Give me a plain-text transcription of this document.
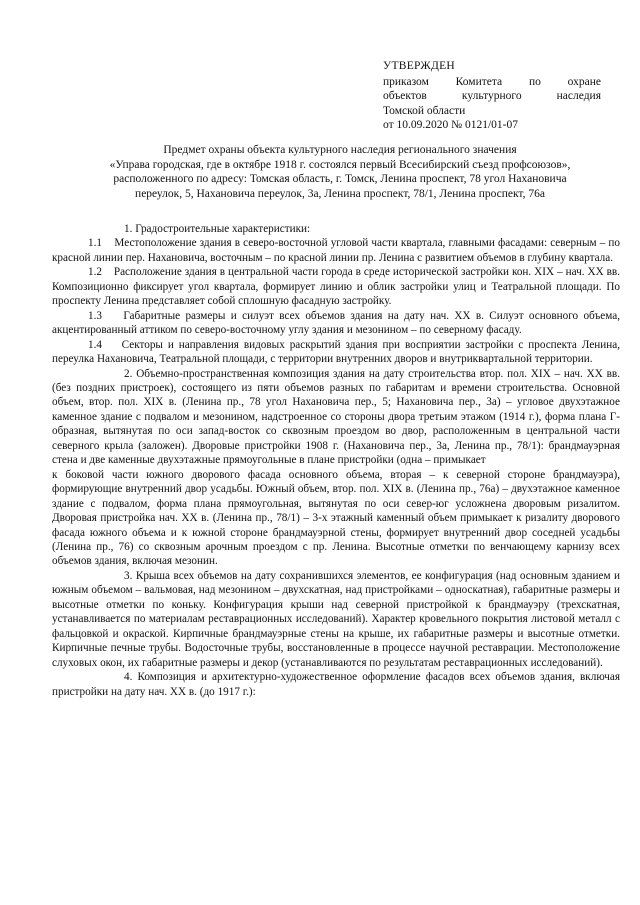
УТВЕРЖДЕН
приказом Комитета по охране
объектов культурного наследия
Томской области
от 10.09.2020 № 0121/01-07
Предмет охраны объекта культурного наследия регионального значения
«Управа городская, где в октябре 1918 г. состоялся первый Всесибирский съезд профсоюзов»,
расположенного по адресу: Томская область, г. Томск, Ленина проспект, 78 угол Нахановича
переулок, 5, Нахановича переулок, 3а, Ленина проспект, 78/1, Ленина проспект, 76а

1. Градостроительные характеристики:

1.1 Местоположение здания в северо-восточной угловой части квартала, главными фасадами: северным – по красной линии пер. Нахановича, восточным – по красной линии пр. Ленина с развитием объемов в глубину квартала.

1.2 Расположение здания в центральной части города в среде исторической застройки кон. XIX – нач. XX вв. Композиционно фиксирует угол квартала, формирует линию и облик застройки улиц и Театральной площади. По проспекту Ленина представляет собой сплошную фасадную застройку.

1.3 Габаритные размеры и силуэт всех объемов здания на дату нач. XX в. Силуэт основного объема, акцентированный аттиком по северо-восточному углу здания и мезонином – по северному фасаду.

1.4 Секторы и направления видовых раскрытий здания при восприятии застройки с проспекта Ленина, переулка Нахановича, Театральной площади, с территории внутренних дворов и внутриквартальной территории.

2. Объемно-пространственная композиция здания на дату строительства втор. пол. XIX – нач. XX вв. (без поздних пристроек), состоящего из пяти объемов разных по габаритам и времени строительства. Основной объем, втор. пол. XIX в. (Ленина пр., 78 угол Нахановича пер., 5; Нахановича пер., 3а) – угловое двухэтажное каменное здание с подвалом и мезонином, надстроенное со стороны двора третьим этажом (1914 г.), форма плана Г-образная, вытянутая по оси запад-восток со сквозным проездом во двор, расположенным в центральной части северного крыла (заложен). Дворовые пристройки 1908 г. (Нахановича пер., 3а, Ленина пр., 78/1): брандмауэрная стена и две каменные двухэтажные прямоугольные в плане пристройки (одна – примыкает

к боковой части южного дворового фасада основного объема, вторая – к северной стороне брандмауэра), формирующие внутренний двор усадьбы. Южный объем, втор. пол. XIX в. (Ленина пр., 76а) – двухэтажное каменное здание с подвалом, форма плана прямоугольная, вытянутая по оси север-юг усложнена дворовым ризалитом. Дворовая пристройка нач. XX в. (Ленина пр., 78/1) – 3-х этажный каменный объем примыкает к ризалиту дворового фасада южного объема и к южной стороне брандмауэрной стены, формирует внутренний двор соседней усадьбы (Ленина пр., 76) со сквозным арочным проездом с пр. Ленина. Высотные отметки по венчающему карнизу всех объемов здания, включая мезонин.

3. Крыша всех объемов на дату сохранившихся элементов, ее конфигурация (над основным зданием и южным объемом – вальмовая, над мезонином – двухскатная, над пристройками – односкатная), габаритные размеры и высотные отметки по коньку. Конфигурация крыши над северной пристройкой к брандмауэру (трехскатная, устанавливается по материалам реставрационных исследований). Характер кровельного покрытия листовой металл с фальцовкой и окраской. Кирпичные брандмауэрные стены на крыше, их габаритные размеры и высотные отметки. Кирпичные печные трубы. Водосточные трубы, восстановленные в процессе научной реставрации. Местоположение слуховых окон, их габаритные размеры и декор (устанавливаются по результатам реставрационных исследований).

4. Композиция и архитектурно-художественное оформление фасадов всех объемов здания, включая пристройки на дату нач. XX в. (до 1917 г.):
